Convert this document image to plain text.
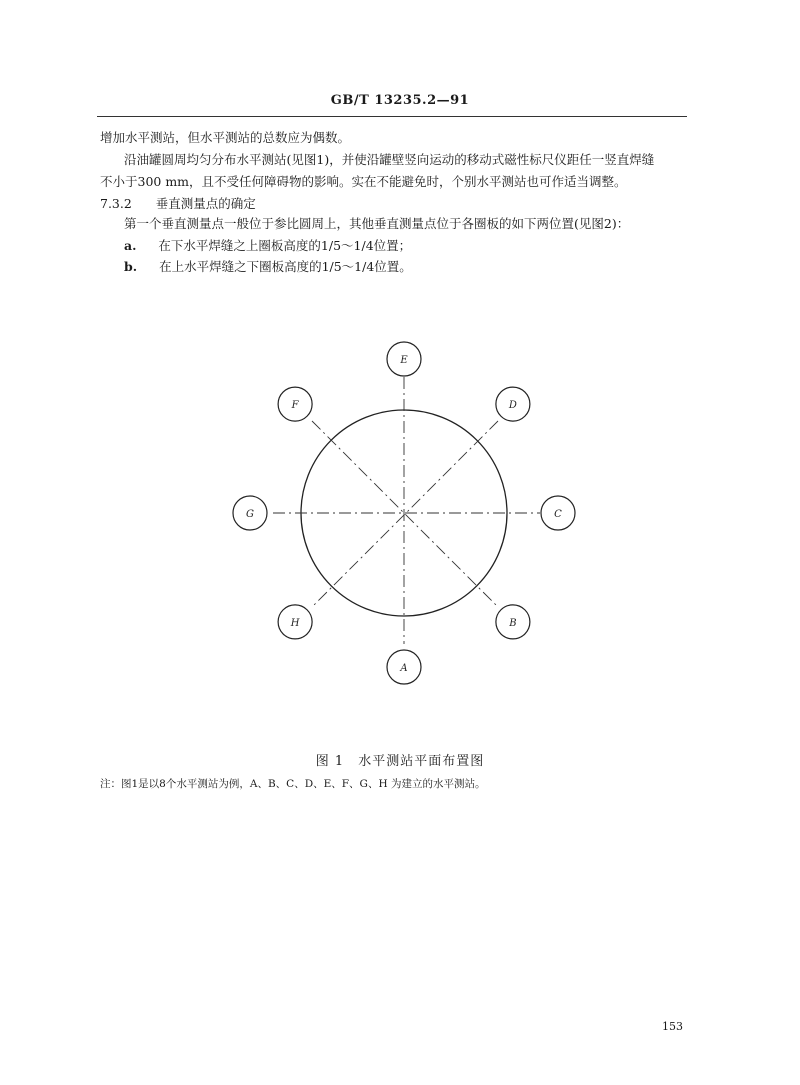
GB/T 13235.2—91
增加水平测站，但水平测站的总数应为偶数。
沿油罐圆周均匀分布水平测站(见图1)，并使沿罐壁竖向运动的移动式磁性标尺仪距任一竖直焊缝
不小于300 mm，且不受任何障碍物的影响。实在不能避免时，个别水平测站也可作适当调整。
7.3.2 垂直测量点的确定
第一个垂直测量点一般位于参比圆周上，其他垂直测量点位于各圈板的如下两位置(见图2)：
a. 在下水平焊缝之上圈板高度的1/5～1/4位置；
b. 在上水平焊缝之下圈板高度的1/5～1/4位置。
E
D
C
B
A
H
G
F
图 1　水平测站平面布置图
注：图1是以8个水平测站为例，A、B、C、D、E、F、G、H 为建立的水平测站。
153
